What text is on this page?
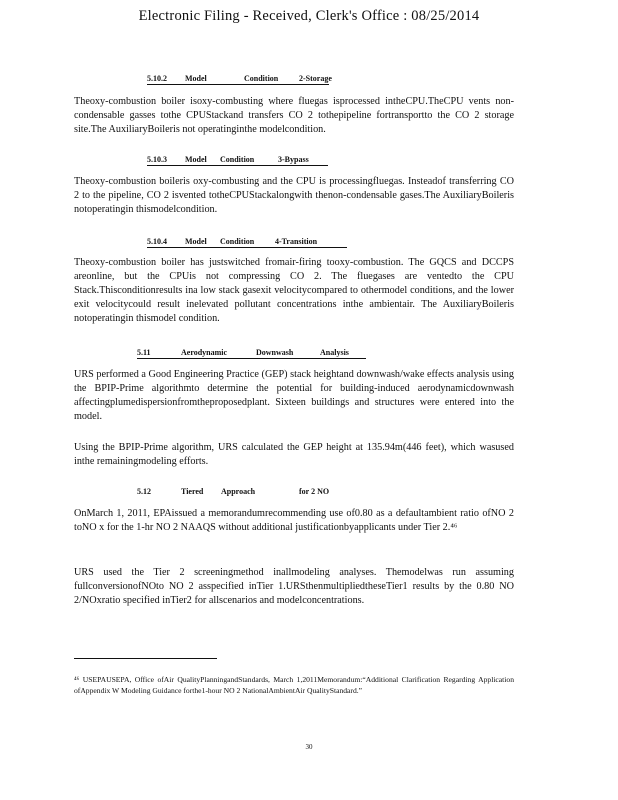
Electronic Filing - Received, Clerk's Office : 08/25/2014
5.10.2 Model	Condition	2-Storage
Theoxy-combustion boiler isoxy-combusting where fluegas isprocessed intheCPU.TheCPU vents non-condensable gasses tothe CPUStackand transfers CO 2 tothepipeline fortransportto the CO 2 storage site.The AuxiliaryBoileris not operatinginthe modelcondition.
5.10.3 Model Condition	3-Bypass
Theoxy-combustion boileris oxy-combusting and the CPU is processingfluegas. Insteadof transferring CO 2 to the pipeline, CO 2 isvented totheCPUStackalongwith thenon-condensable gases.The AuxiliaryBoileris notoperatingin thismodelcondition.
5.10.4 Model Condition	4-Transition
Theoxy-combustion boiler has justswitched fromair-firing tooxy-combustion. The GQCS and DCCPS areonline, but the CPUis not compressing CO 2. The fluegases are ventedto the CPU Stack.Thisconditionresults ina low stack gasexit velocitycompared to othermodel conditions, and the lower exit velocitycould result inelevated pollutant concentrations inthe ambientair. The AuxiliaryBoileris notoperatingin thismodel condition.
5.11	Aerodynamic	Downwash	Analysis
URS performed a Good Engineering Practice (GEP) stack heightand downwash/wake effects analysis using the BPIP-Prime algorithmto determine the potential for building-induced aerodynamicdownwash affectingplumedispersionfromtheproposedplant. Sixteen buildings and structures were entered into the model.
Using the BPIP-Prime algorithm, URS calculated the GEP height at 135.94m(446 feet), which wasused inthe remainingmodeling efforts.
5.12	Tiered Approach	for 2 NO
OnMarch 1, 2011, EPAissued a memorandumrecommending use of0.80 as a defaultambient ratio ofNO 2 toNO x for the 1-hr NO 2 NAAQS without additional justificationbyapplicants under Tier 2.⁴⁶
URS used the Tier 2 screeningmethod inallmodeling analyses. Themodelwas run assuming fullconversionofNOto NO 2 asspecified inTier 1.URSthenmultipliedtheseTier1 results by the 0.80 NO 2/NOxratio specified inTier2 for allscenarios and modelconcentrations.
⁴⁶ USEPAUSEPA, Office ofAir QualityPlanningandStandards, March 1,2011Memorandum:“Additional Clarification Regarding Application ofAppendix W Modeling Guidance forthe1-hour NO 2 NationalAmbientAir QualityStandard.”
30
